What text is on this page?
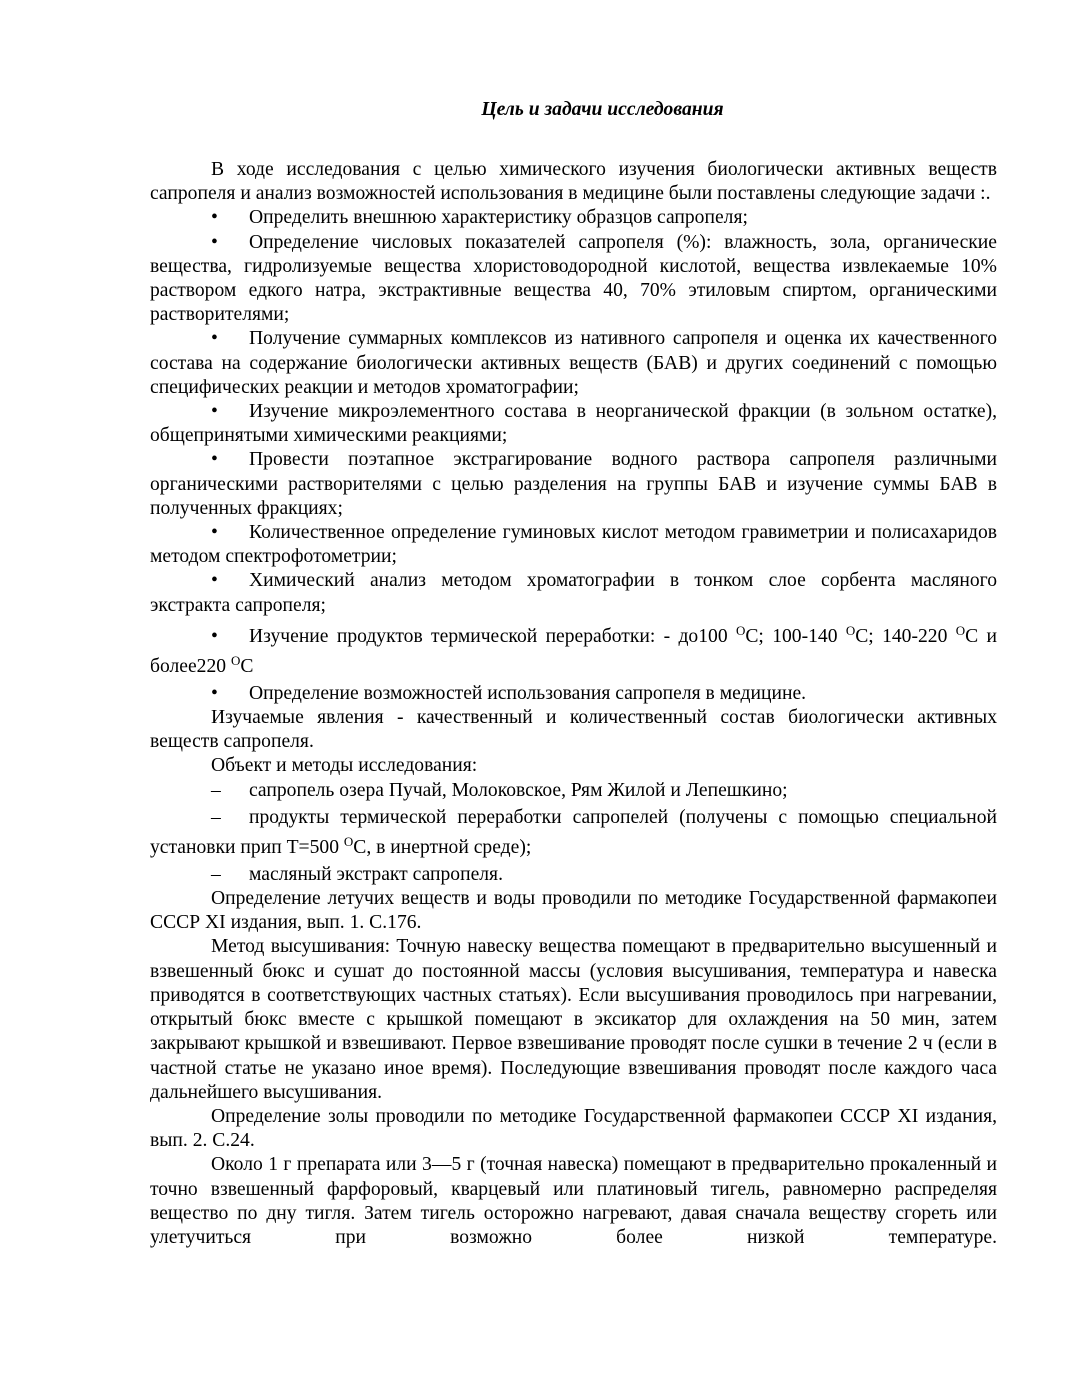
Цель и задачи исследования

В ходе исследования с целью химического изучения биологически активных веществ сапропеля и анализ возможностей использования в медицине были поставлены следующие задачи :.

• Определить внешнюю характеристику образцов сапропеля;

• Определение числовых показателей сапропеля (%): влажность, зола, органические вещества, гидролизуемые вещества хлористоводородной кислотой, вещества извлекаемые 10% раствором едкого натра, экстрактивные вещества 40, 70% этиловым спиртом, органическими растворителями;

• Получение суммарных комплексов из нативного сапропеля и оценка их качественного состава на содержание биологически активных веществ (БАВ) и других соединений с помощью специфических реакции и методов хроматографии;

• Изучение микроэлементного состава в неорганической фракции (в зольном остатке), общепринятыми химическими реакциями;

• Провести поэтапное экстрагирование водного раствора сапропеля различными органическими растворителями с целью разделения на группы БАВ и изучение суммы БАВ в полученных фракциях;

• Количественное определение гуминовых кислот методом гравиметрии и полисахаридов методом спектрофотометрии;

• Химический анализ методом хроматографии в тонком слое сорбента масляного экстракта сапропеля;

• Изучение продуктов термической переработки: - до100 $^О$С; 100-140 $^О$С; 140-220 $^О$С и более220 $^О$С

• Определение возможностей использования сапропеля в медицине.

Изучаемые явления - качественный и количественный состав биологически активных веществ сапропеля.

Объект и методы исследования:

– сапропель озера Пучай, Молоковское, Рям Жилой и Лепешкино;

– продукты термической переработки сапропелей (получены с помощью специальной установки прип Т=500 $^О$С, в инертной среде);

– масляный экстракт сапропеля.

Определение летучих веществ и воды проводили по методике Государственной фармакопеи СССР XI издания, вып. 1. С.176.

Метод высушивания: Точную навеску вещества помещают в предварительно высушенный и взвешенный бюкс и сушат до постоянной массы (условия высушивания, температура и навеска приводятся в соответствующих частных статьях). Если высушивания проводилось при нагревании, открытый бюкс вместе с крышкой помещают в эксикатор для охлаждения на 50 мин, затем закрывают крышкой и взвешивают. Первое взвешивание проводят после сушки в течение 2 ч (если в частной статье не указано иное время). Последующие взвешивания проводят после каждого часа дальнейшего высушивания.

Определение золы проводили по методике Государственной фармакопеи СССР XI издания, вып. 2. С.24.

Около 1 г препарата или 3—5 г (точная навеска) помещают в предварительно прокаленный и точно взвешенный фарфоровый, кварцевый или платиновый тигель, равномерно распределяя вещество по дну тигля. Затем тигель осторожно нагревают, давая сначала веществу сгореть или улетучиться при возможно более низкой температуре.
